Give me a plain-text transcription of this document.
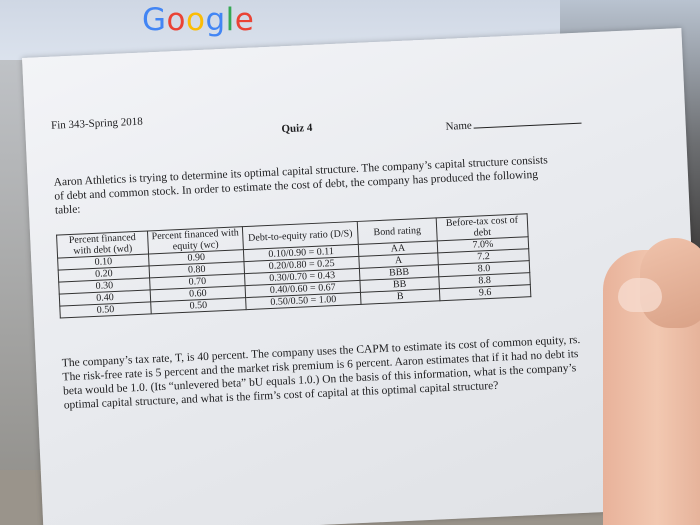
Google
Fin 343-Spring 2018	Quiz 4	Name
Aaron Athletics is trying to determine its optimal capital structure. The company’s capital structure consists of debt and common stock. In order to estimate the cost of debt, the company has produced the following table:
Percent financed with debt (wd)	Percent financed with equity (wc)	Debt-to-equity ratio (D/S)	Bond rating	Before-tax cost of debt
0.10	0.90	0.10/0.90 = 0.11	AA	7.0%
0.20	0.80	0.20/0.80 = 0.25	A	7.2
0.30	0.70	0.30/0.70 = 0.43	BBB	8.0
0.40	0.60	0.40/0.60 = 0.67	BB	8.8
0.50	0.50	0.50/0.50 = 1.00	B	9.6
The company’s tax rate, T, is 40 percent. The company uses the CAPM to estimate its cost of common equity, rs. The risk-free rate is 5 percent and the market risk premium is 6 percent. Aaron estimates that if it had no debt its beta would be 1.0. (Its “unlevered beta” bU equals 1.0.) On the basis of this information, what is the company’s optimal capital structure, and what is the firm’s cost of capital at this optimal capital structure?
